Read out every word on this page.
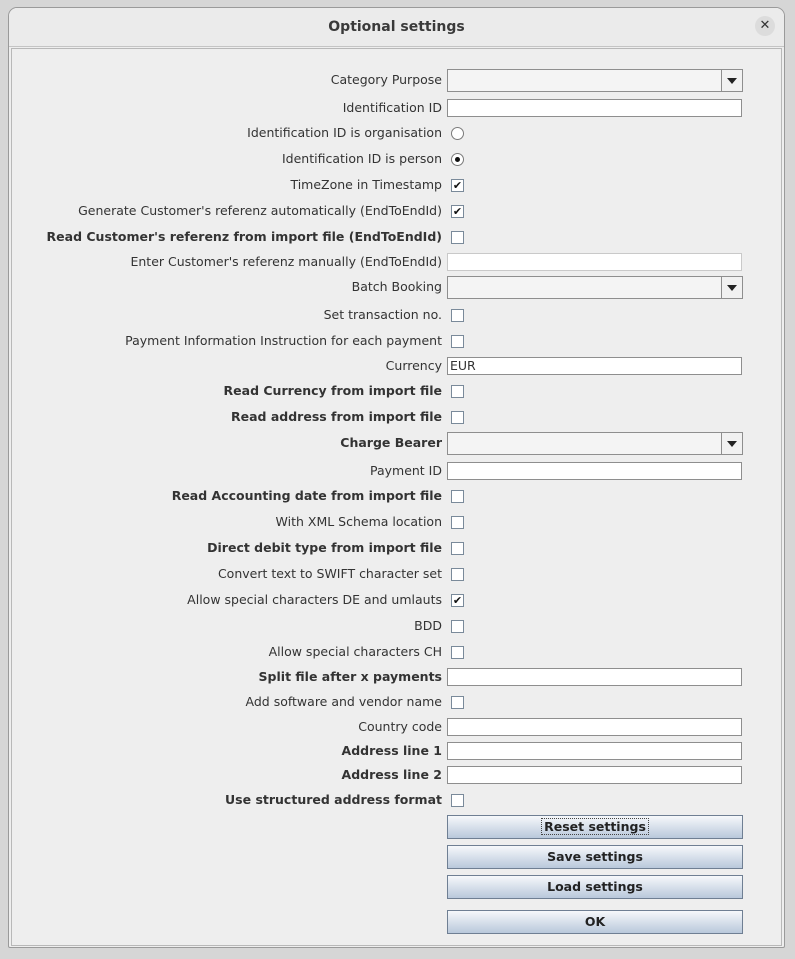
Optional settings	✕
Category Purpose
Identification ID
Identification ID is organisation
Identification ID is person
TimeZone in Timestamp ✔
Generate Customer's referenz automatically (EndToEndId) ✔
Read Customer's referenz from import file (EndToEndId)
Enter Customer's referenz manually (EndToEndId)
Batch Booking
Set transaction no.
Payment Information Instruction for each payment
Currency EUR
Read Currency from import file
Read address from import file
Charge Bearer
Payment ID
Read Accounting date from import file
With XML Schema location
Direct debit type from import file
Convert text to SWIFT character set
Allow special characters DE and umlauts ✔
BDD
Allow special characters CH
Split file after x payments
Add software and vendor name
Country code
Address line 1
Address line 2
Use structured address format
Reset settings
Save settings
Load settings
OK
